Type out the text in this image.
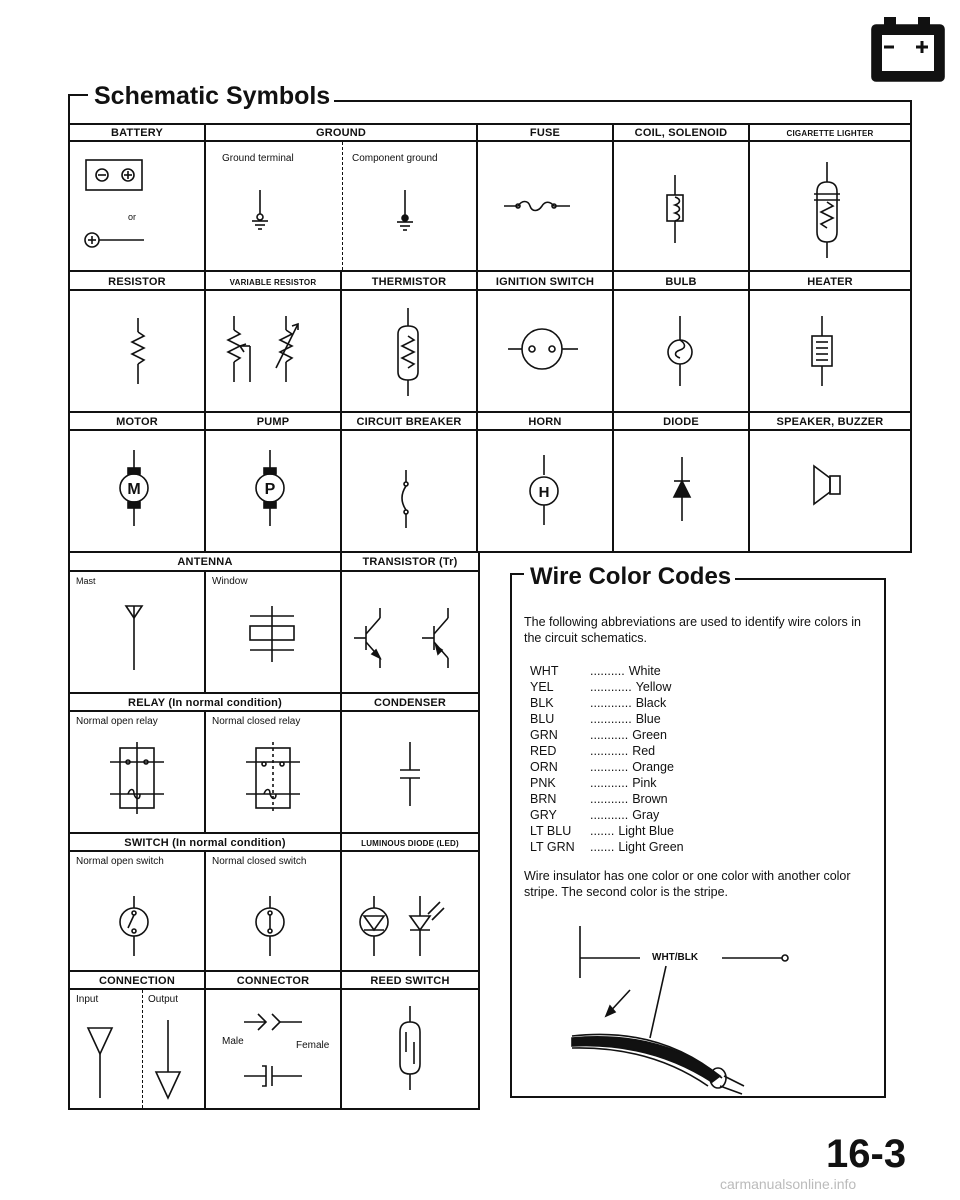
Schematic Symbols
BATTERY	GROUND	FUSE	COIL, SOLENOID	CIGARETTE LIGHTER
Ground terminal	Component ground
or
RESISTOR	VARIABLE RESISTOR	THERMISTOR	IGNITION SWITCH	BULB	HEATER
MOTOR	PUMP	CIRCUIT BREAKER	HORN	DIODE	SPEAKER, BUZZER
M	P	H
ANTENNA	TRANSISTOR (Tr)
Mast	Window
RELAY (In normal condition)	CONDENSER
Normal open relay	Normal closed relay
SWITCH (In normal condition)	LUMINOUS DIODE (LED)
Normal open switch	Normal closed switch
CONNECTION	CONNECTOR	REED SWITCH
Input	Output
Male	Female
Wire Color Codes
The following abbreviations are used to identify wire colors in the circuit schematics.
WHT	.......... White
YEL	............ Yellow
BLK	............ Black
BLU	............ Blue
GRN	........... Green
RED	........... Red
ORN	........... Orange
PNK	........... Pink
BRN	........... Brown
GRY	........... Gray
LT BLU ....... Light Blue
LT GRN ....... Light Green
Wire insulator has one color or one color with another color stripe. The second color is the stripe.
WHT/BLK
16-3
carmanualsonline.info
